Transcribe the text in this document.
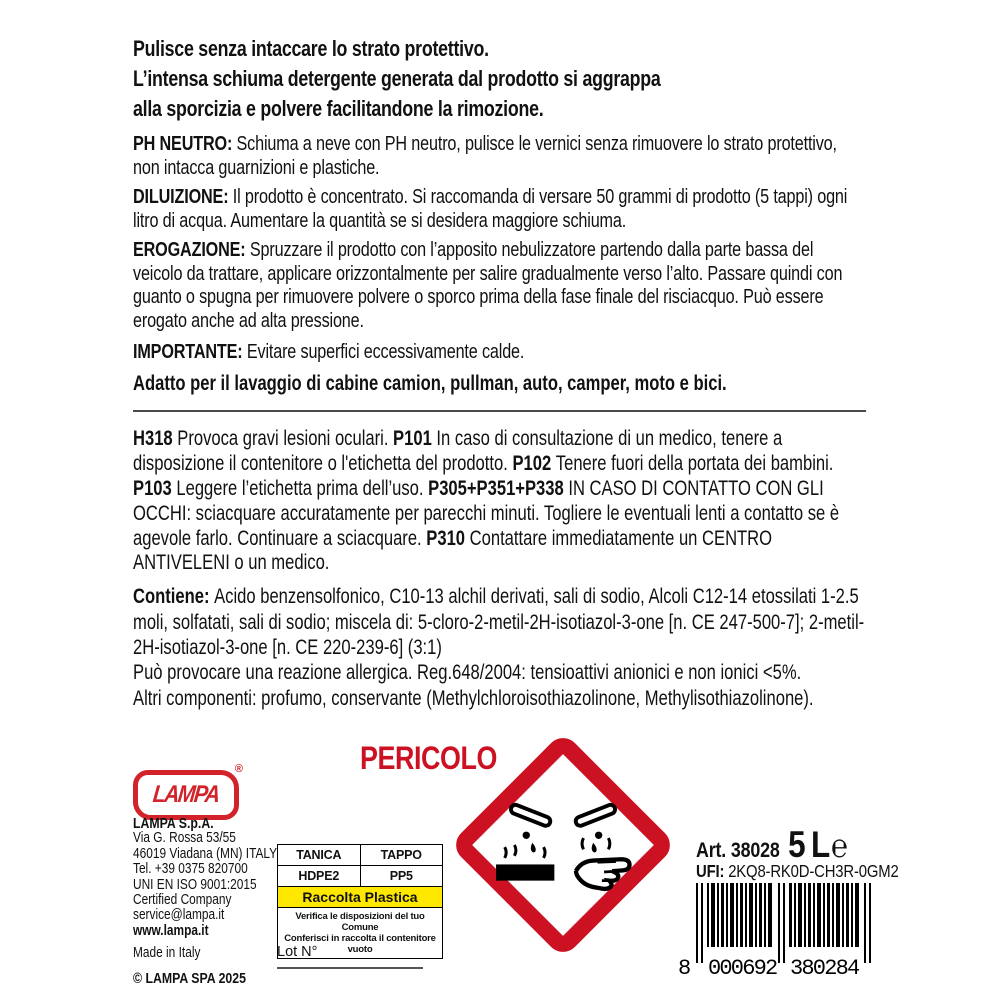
Pulisce senza intaccare lo strato protettivo.
L’intensa schiuma detergente generata dal prodotto si aggrappa
alla sporcizia e polvere facilitandone la rimozione.
PH NEUTRO: Schiuma a neve con PH neutro, pulisce le vernici senza rimuovere lo strato protettivo, non intacca guarnizioni e plastiche.
DILUIZIONE: Il prodotto è concentrato. Si raccomanda di versare 50 grammi di prodotto (5 tappi) ogni litro di acqua. Aumentare la quantità se si desidera maggiore schiuma.
EROGAZIONE: Spruzzare il prodotto con l’apposito nebulizzatore partendo dalla parte bassa del veicolo da trattare, applicare orizzontalmente per salire gradualmente verso l’alto. Passare quindi con guanto o spugna per rimuovere polvere o sporco prima della fase finale del risciacquo. Può essere erogato anche ad alta pressione.
IMPORTANTE: Evitare superfici eccessivamente calde.
Adatto per il lavaggio di cabine camion, pullman, auto, camper, moto e bici.
H318 Provoca gravi lesioni oculari. P101 In caso di consultazione di un medico, tenere a disposizione il contenitore o l'etichetta del prodotto. P102 Tenere fuori della portata dei bambini. P103 Leggere l’etichetta prima dell’uso. P305+P351+P338 IN CASO DI CONTATTO CON GLI OCCHI: sciacquare accuratamente per parecchi minuti. Togliere le eventuali lenti a contatto se è agevole farlo. Continuare a sciacquare. P310 Contattare immediatamente un CENTRO ANTIVELENI o un medico.
Contiene: Acido benzensolfonico, C10-13 alchil derivati, sali di sodio, Alcoli C12-14 etossilati 1-2.5 moli, solfatati, sali di sodio; miscela di: 5-cloro-2-metil-2H-isotiazol-3-one [n. CE 247-500-7]; 2-metil-2H-isotiazol-3-one [n. CE 220-239-6] (3:1)
Può provocare una reazione allergica. Reg.648/2004: tensioattivi anionici e non ionici <5%.
Altri componenti: profumo, conservante (Methylchloroisothiazolinone, Methylisothiazolinone).
LAMPA
®
LAMPA S.p.A.
Via G. Rossa 53/55
46019 Viadana (MN) ITALY
Tel. +39 0375 820700
UNI EN ISO 9001:2015
Certified Company
service@lampa.it
www.lampa.it
Made in Italy
© LAMPA SPA 2025
TANICA	TAPPO
HDPE2	PP5
Raccolta Plastica
Verifica le disposizioni del tuo Comune
Conferisci in raccolta il contenitore vuoto
Lot N°
PERICOLO
Art. 38028 5 L ℮
UFI: 2KQ8-RK0D-CH3R-0GM2
8 000692 380284
